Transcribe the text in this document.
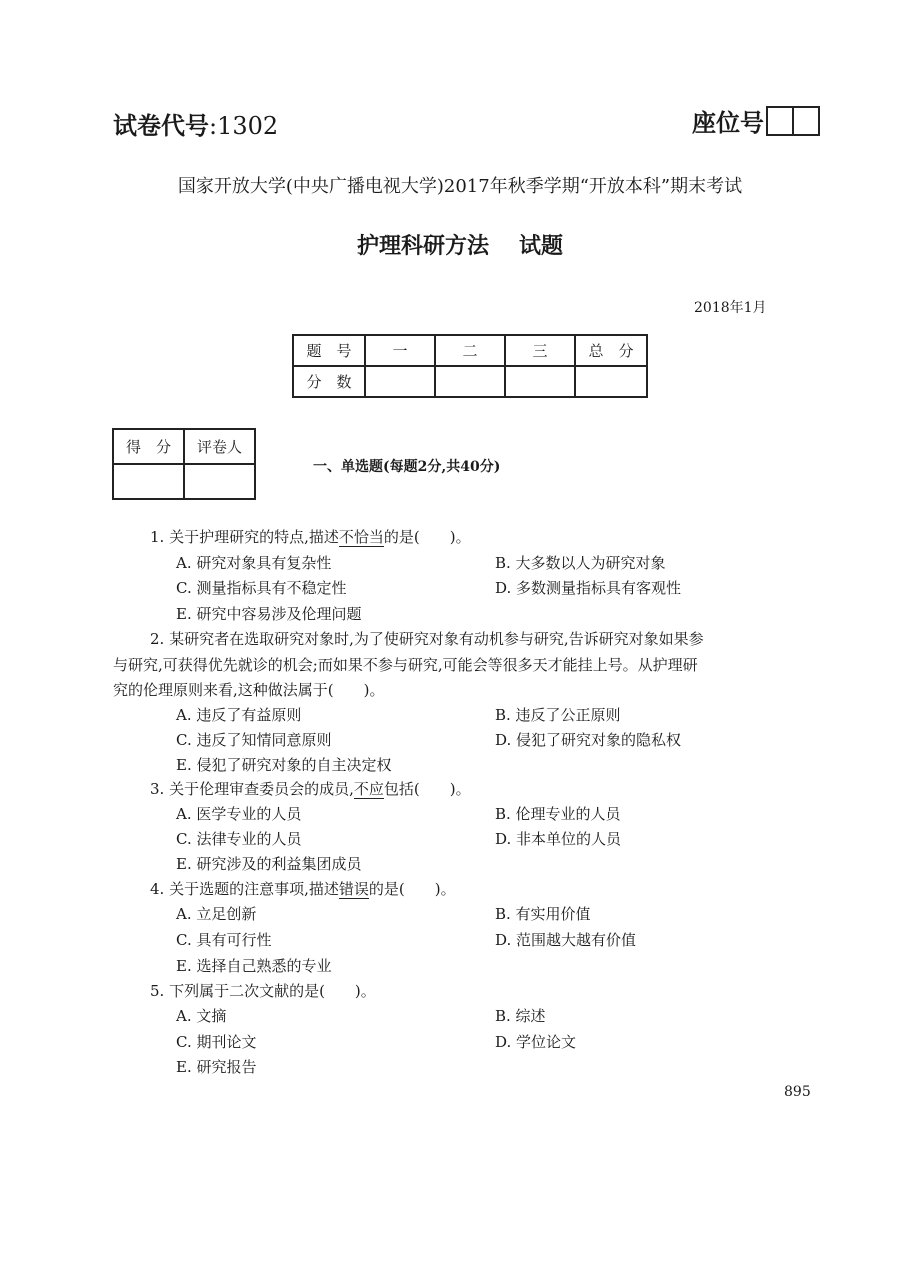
试卷代号:1302	座位号
国家开放大学(中央广播电视大学)2017年秋季学期“开放本科”期末考试
护理科研方法 试题
2018年1月
题　号	一	二	三	总　分
分　数				
得　分	评卷人

一、单选题(每题2分,共40分)
1. 关于护理研究的特点,描述不恰当的是(　　)。
A. 研究对象具有复杂性	B. 大多数以人为研究对象
C. 测量指标具有不稳定性	D. 多数测量指标具有客观性
E. 研究中容易涉及伦理问题
2. 某研究者在选取研究对象时,为了使研究对象有动机参与研究,告诉研究对象如果参
与研究,可获得优先就诊的机会;而如果不参与研究,可能会等很多天才能挂上号。从护理研
究的伦理原则来看,这种做法属于(　　)。
A. 违反了有益原则	B. 违反了公正原则
C. 违反了知情同意原则	D. 侵犯了研究对象的隐私权
E. 侵犯了研究对象的自主决定权
3. 关于伦理审查委员会的成员,不应包括(　　)。
A. 医学专业的人员	B. 伦理专业的人员
C. 法律专业的人员	D. 非本单位的人员
E. 研究涉及的利益集团成员
4. 关于选题的注意事项,描述错误的是(　　)。
A. 立足创新	B. 有实用价值
C. 具有可行性	D. 范围越大越有价值
E. 选择自己熟悉的专业
5. 下列属于二次文献的是(　　)。
A. 文摘	B. 综述
C. 期刊论文	D. 学位论文
E. 研究报告
895
